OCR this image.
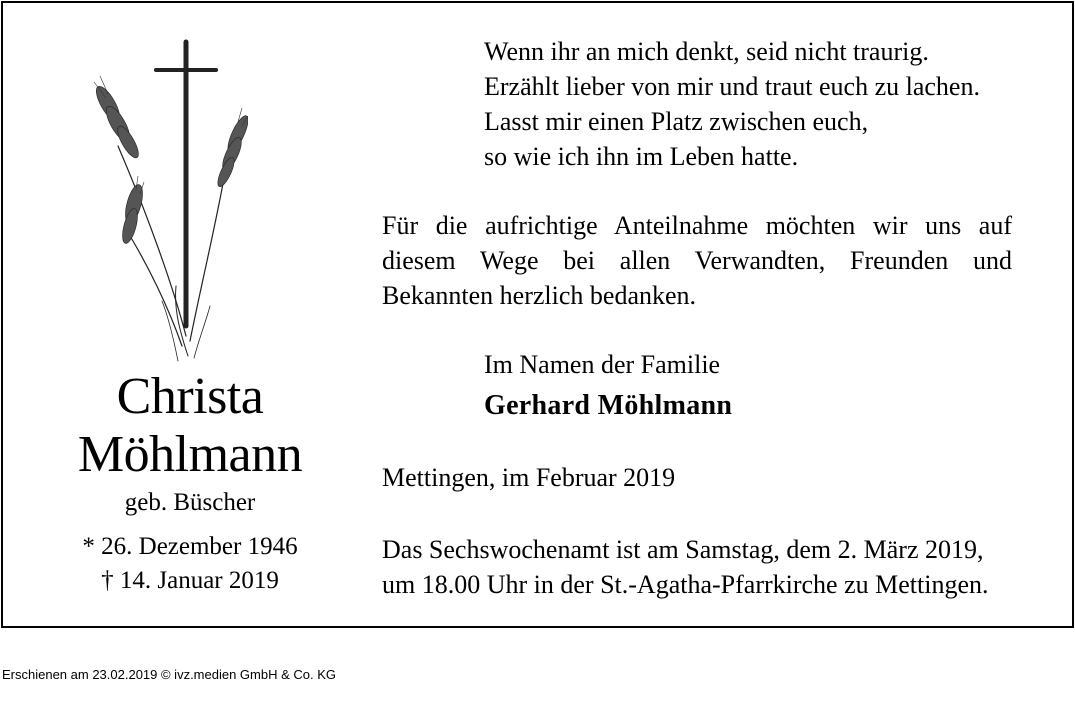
Christa
Möhlmann
geb. Büscher
* 26. Dezember 1946
† 14. Januar 2019
Wenn ihr an mich denkt, seid nicht traurig.
Erzählt lieber von mir und traut euch zu lachen.
Lasst mir einen Platz zwischen euch,
so wie ich ihn im Leben hatte.
Für die aufrichtige Anteilnahme möchten wir uns auf diesem Wege bei allen Verwandten, Freunden und Bekannten herzlich bedanken.
Im Namen der Familie
Gerhard Möhlmann
Mettingen, im Februar 2019
Das Sechswochenamt ist am Samstag, dem 2. März 2019,
um 18.00 Uhr in der St.-Agatha-Pfarrkirche zu Mettingen.
Erschienen am 23.02.2019 © ivz.medien GmbH & Co. KG
